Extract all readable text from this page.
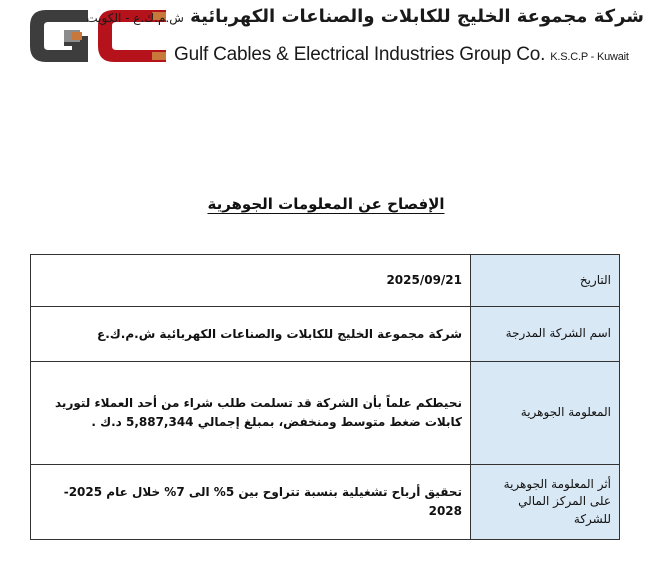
شركة مجموعة الخليج للكابلات والصناعات الكهربائية ش.م.ك.ع - الكويت
Gulf Cables & Electrical Industries Group Co. K.S.C.P - Kuwait
الإفصاح عن المعلومات الجوهرية
التاريخ	2025/09/21
اسم الشركة المدرجة	شركة مجموعة الخليج للكابلات والصناعات الكهربائية ش.م.ك.ع
المعلومة الجوهرية	نحيطكم علماً بأن الشركة قد تسلمت طلب شراء من أحد العملاء لتوريد كابلات ضغط متوسط ومنخفض، بمبلغ إجمالي 5,887,344 د.ك .
أثر المعلومة الجوهرية على المركز المالي للشركة	تحقيق أرباح تشغيلية بنسبة تتراوح بين 5% الى 7% خلال عام 2025- 2028
